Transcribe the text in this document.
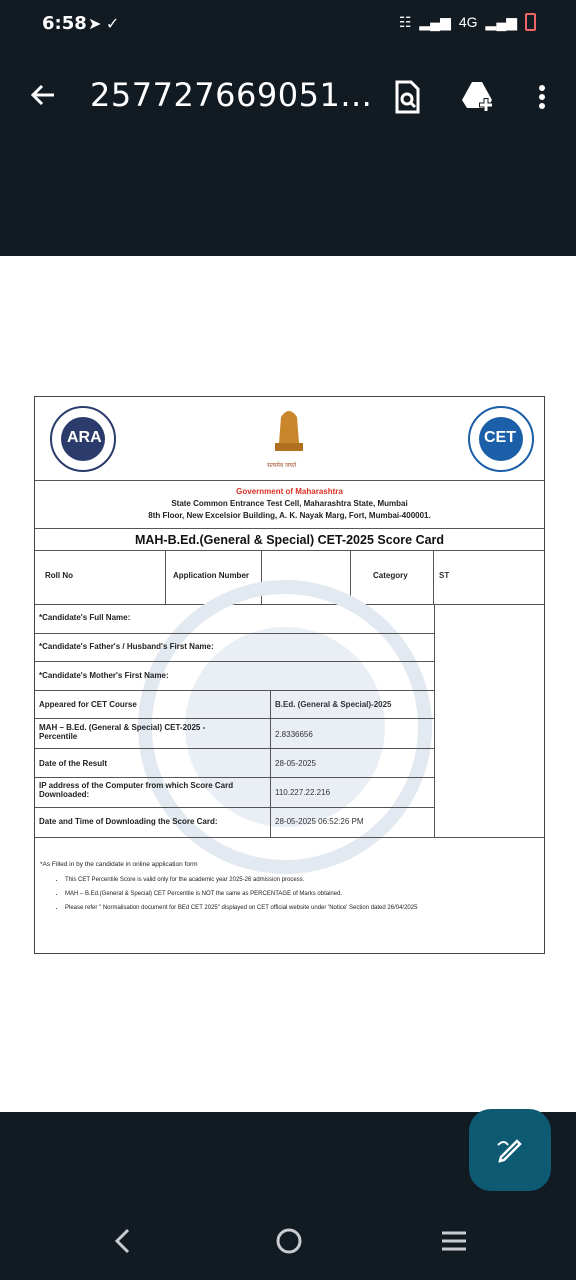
6:58 ➤ ✓	☷ ▂▄▆ 4G ▂▄▆
257727669051...
ARA
सत्यमेव जयते
CET
Government of Maharashtra
State Common Entrance Test Cell, Maharashtra State, Mumbai
8th Floor, New Excelsior Building, A. K. Nayak Marg, Fort, Mumbai-400001.
MAH-B.Ed.(General & Special) CET-2025 Score Card
Roll No	Application Number	Category	ST
*Candidate's Full Name:
*Candidate's Father's / Husband's First Name:
*Candidate's Mother's First Name:
Appeared for CET Course	B.Ed. (General & Special)-2025
MAH – B.Ed. (General & Special) CET-2025 - Percentile	2.8336656
Date of the Result	28-05-2025
IP address of the Computer from which Score Card Downloaded:	110.227.22.216
Date and Time of Downloading the Score Card:	28-05-2025 06:52:26 PM
*As Filled in by the candidate in online application form
• This CET Percentile Score is valid only for the academic year 2025-26 admission process.
• MAH – B.Ed.(General & Special) CET Percentile is NOT the same as PERCENTAGE of Marks obtained.
• Please refer " Normalisation document for BEd CET 2025" displayed on CET official website under 'Notice' Section dated 26/04/2025
